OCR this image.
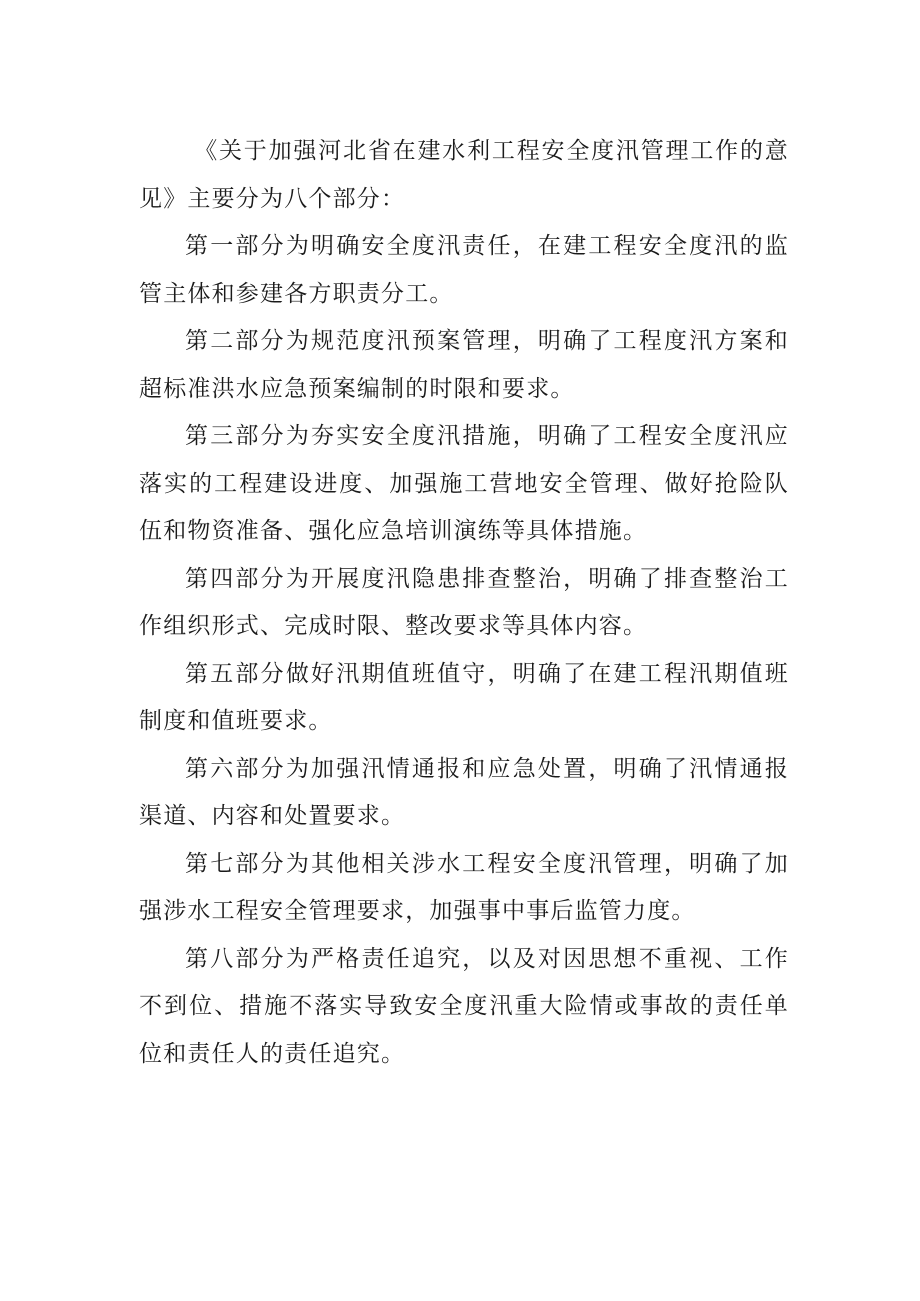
《关于加强河北省在建水利工程安全度汛管理工作的意见》主要分为八个部分：

第一部分为明确安全度汛责任，在建工程安全度汛的监管主体和参建各方职责分工。

第二部分为规范度汛预案管理，明确了工程度汛方案和超标准洪水应急预案编制的时限和要求。

第三部分为夯实安全度汛措施，明确了工程安全度汛应落实的工程建设进度、加强施工营地安全管理、做好抢险队伍和物资准备、强化应急培训演练等具体措施。

第四部分为开展度汛隐患排查整治，明确了排查整治工作组织形式、完成时限、整改要求等具体内容。

第五部分做好汛期值班值守，明确了在建工程汛期值班制度和值班要求。

第六部分为加强汛情通报和应急处置，明确了汛情通报渠道、内容和处置要求。

第七部分为其他相关涉水工程安全度汛管理，明确了加强涉水工程安全管理要求，加强事中事后监管力度。

第八部分为严格责任追究，以及对因思想不重视、工作不到位、措施不落实导致安全度汛重大险情或事故的责任单位和责任人的责任追究。
